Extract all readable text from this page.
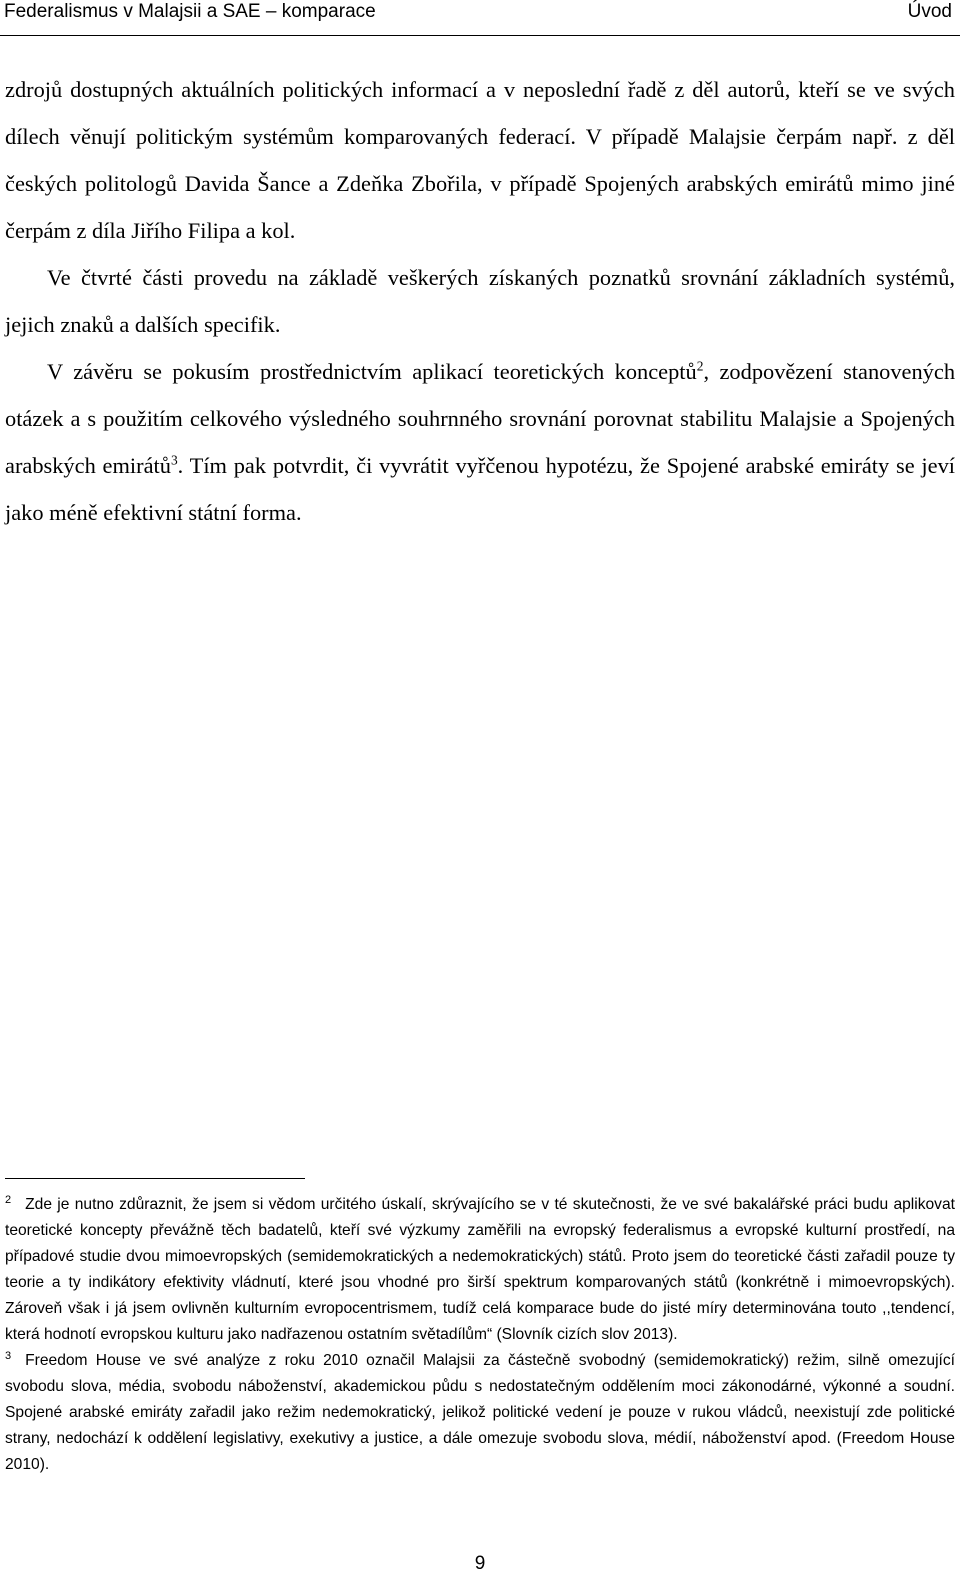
Federalismus v Malajsii a SAE – komparace	Úvod

zdrojů dostupných aktuálních politických informací a v neposlední řadě z děl autorů, kteří se ve svých dílech věnují politickým systémům komparovaných federací. V případě Malajsie čerpám např. z děl českých politologů Davida Šance a Zdeňka Zbořila, v případě Spojených arabských emirátů mimo jiné čerpám z díla Jiřího Filipa a kol.

Ve čtvrté části provedu na základě veškerých získaných poznatků srovnání základních systémů, jejich znaků a dalších specifik.

V závěru se pokusím prostřednictvím aplikací teoretických konceptů$^2$, zodpovězení stanovených otázek a s použitím celkového výsledného souhrnného srovnání porovnat stabilitu Malajsie a Spojených arabských emirátů$^3$. Tím pak potvrdit, či vyvrátit vyřčenou hypotézu, že Spojené arabské emiráty se jeví jako méně efektivní státní forma.

$^2$ Zde je nutno zdůraznit, že jsem si vědom určitého úskalí, skrývajícího se v té skutečnosti, že ve své bakalářské práci budu aplikovat teoretické koncepty převážně těch badatelů, kteří své výzkumy zaměřili na evropský federalismus a evropské kulturní prostředí, na případové studie dvou mimoevropských (semidemokratických a nedemokratických) států. Proto jsem do teoretické části zařadil pouze ty teorie a ty indikátory efektivity vládnutí, které jsou vhodné pro širší spektrum komparovaných států (konkrétně i mimoevropských). Zároveň však i já jsem ovlivněn kulturním evropocentrismem, tudíž celá komparace bude do jisté míry determinována touto ,,tendencí, která hodnotí evropskou kulturu jako nadřazenou ostatním světadílům“ (Slovník cizích slov 2013).

$^3$ Freedom House ve své analýze z roku 2010 označil Malajsii za částečně svobodný (semidemokratický) režim, silně omezující svobodu slova, média, svobodu náboženství, akademickou půdu s nedostatečným oddělením moci zákonodárné, výkonné a soudní. Spojené arabské emiráty zařadil jako režim nedemokratický, jelikož politické vedení je pouze v rukou vládců, neexistují zde politické strany, nedochází k oddělení legislativy, exekutivy a justice, a dále omezuje svobodu slova, médií, náboženství apod. (Freedom House 2010).

9
